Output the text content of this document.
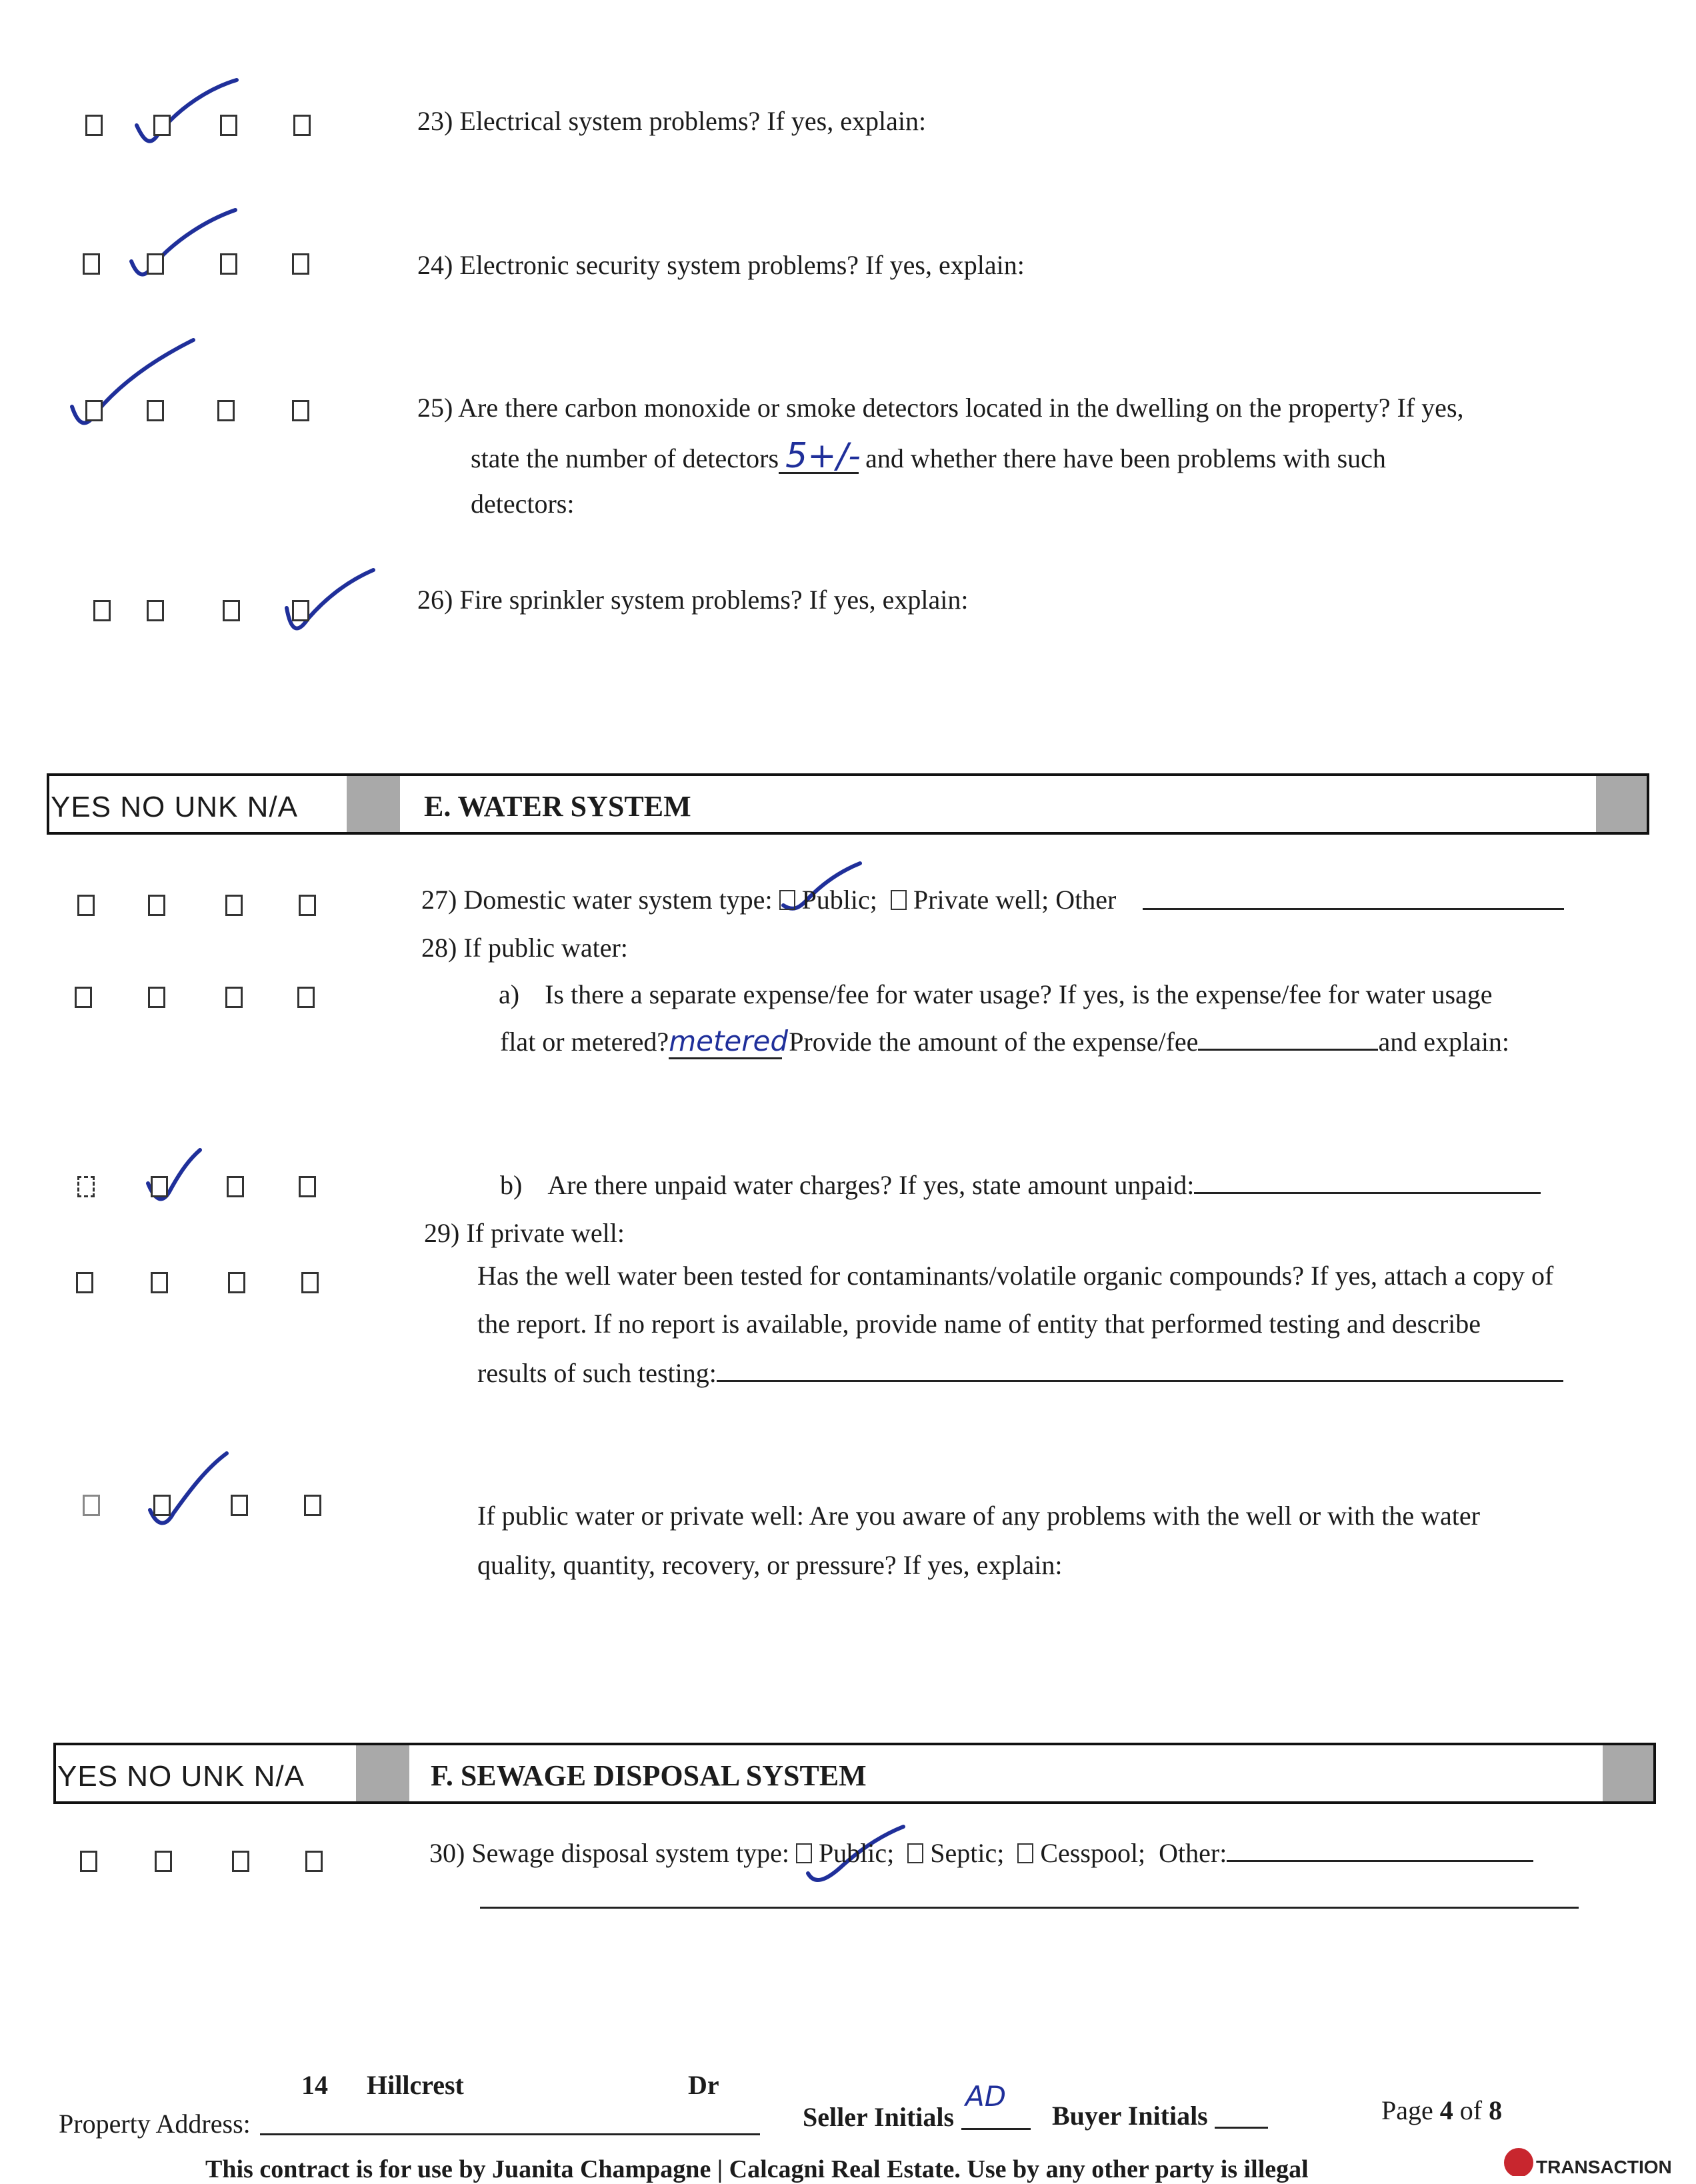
23) Electrical system problems? If yes, explain:
24) Electronic security system problems? If yes, explain:
25) Are there carbon monoxide or smoke detectors located in the dwelling on the property? If yes,
state the number of detectors 5+/- and whether there have been problems with such
detectors:
26) Fire sprinkler system problems? If yes, explain:
YES NO UNK N/A	E. WATER SYSTEM
27) Domestic water system type: Public; Private well; Other
28) If public water:
a) Is there a separate expense/fee for water usage? If yes, is the expense/fee for water usage
flat or metered?metered Provide the amount of the expense/fee	and explain:
b) Are there unpaid water charges? If yes, state amount unpaid:
29) If private well:
Has the well water been tested for contaminants/volatile organic compounds? If yes, attach a copy of
the report. If no report is available, provide name of entity that performed testing and describe
results of such testing:
If public water or private well: Are you aware of any problems with the well or with the water
quality, quantity, recovery, or pressure? If yes, explain:
YES NO UNK N/A	F. SEWAGE DISPOSAL SYSTEM
30) Sewage disposal system type: Public; Septic; Cesspool; Other:
14 Hillcrest	Dr
Property Address:	Seller Initials
AD
Buyer Initials	Page 4 of 8
This contract is for use by Juanita Champagne | Calcagni Real Estate. Use by any other party is illegal	TRANSACTION
